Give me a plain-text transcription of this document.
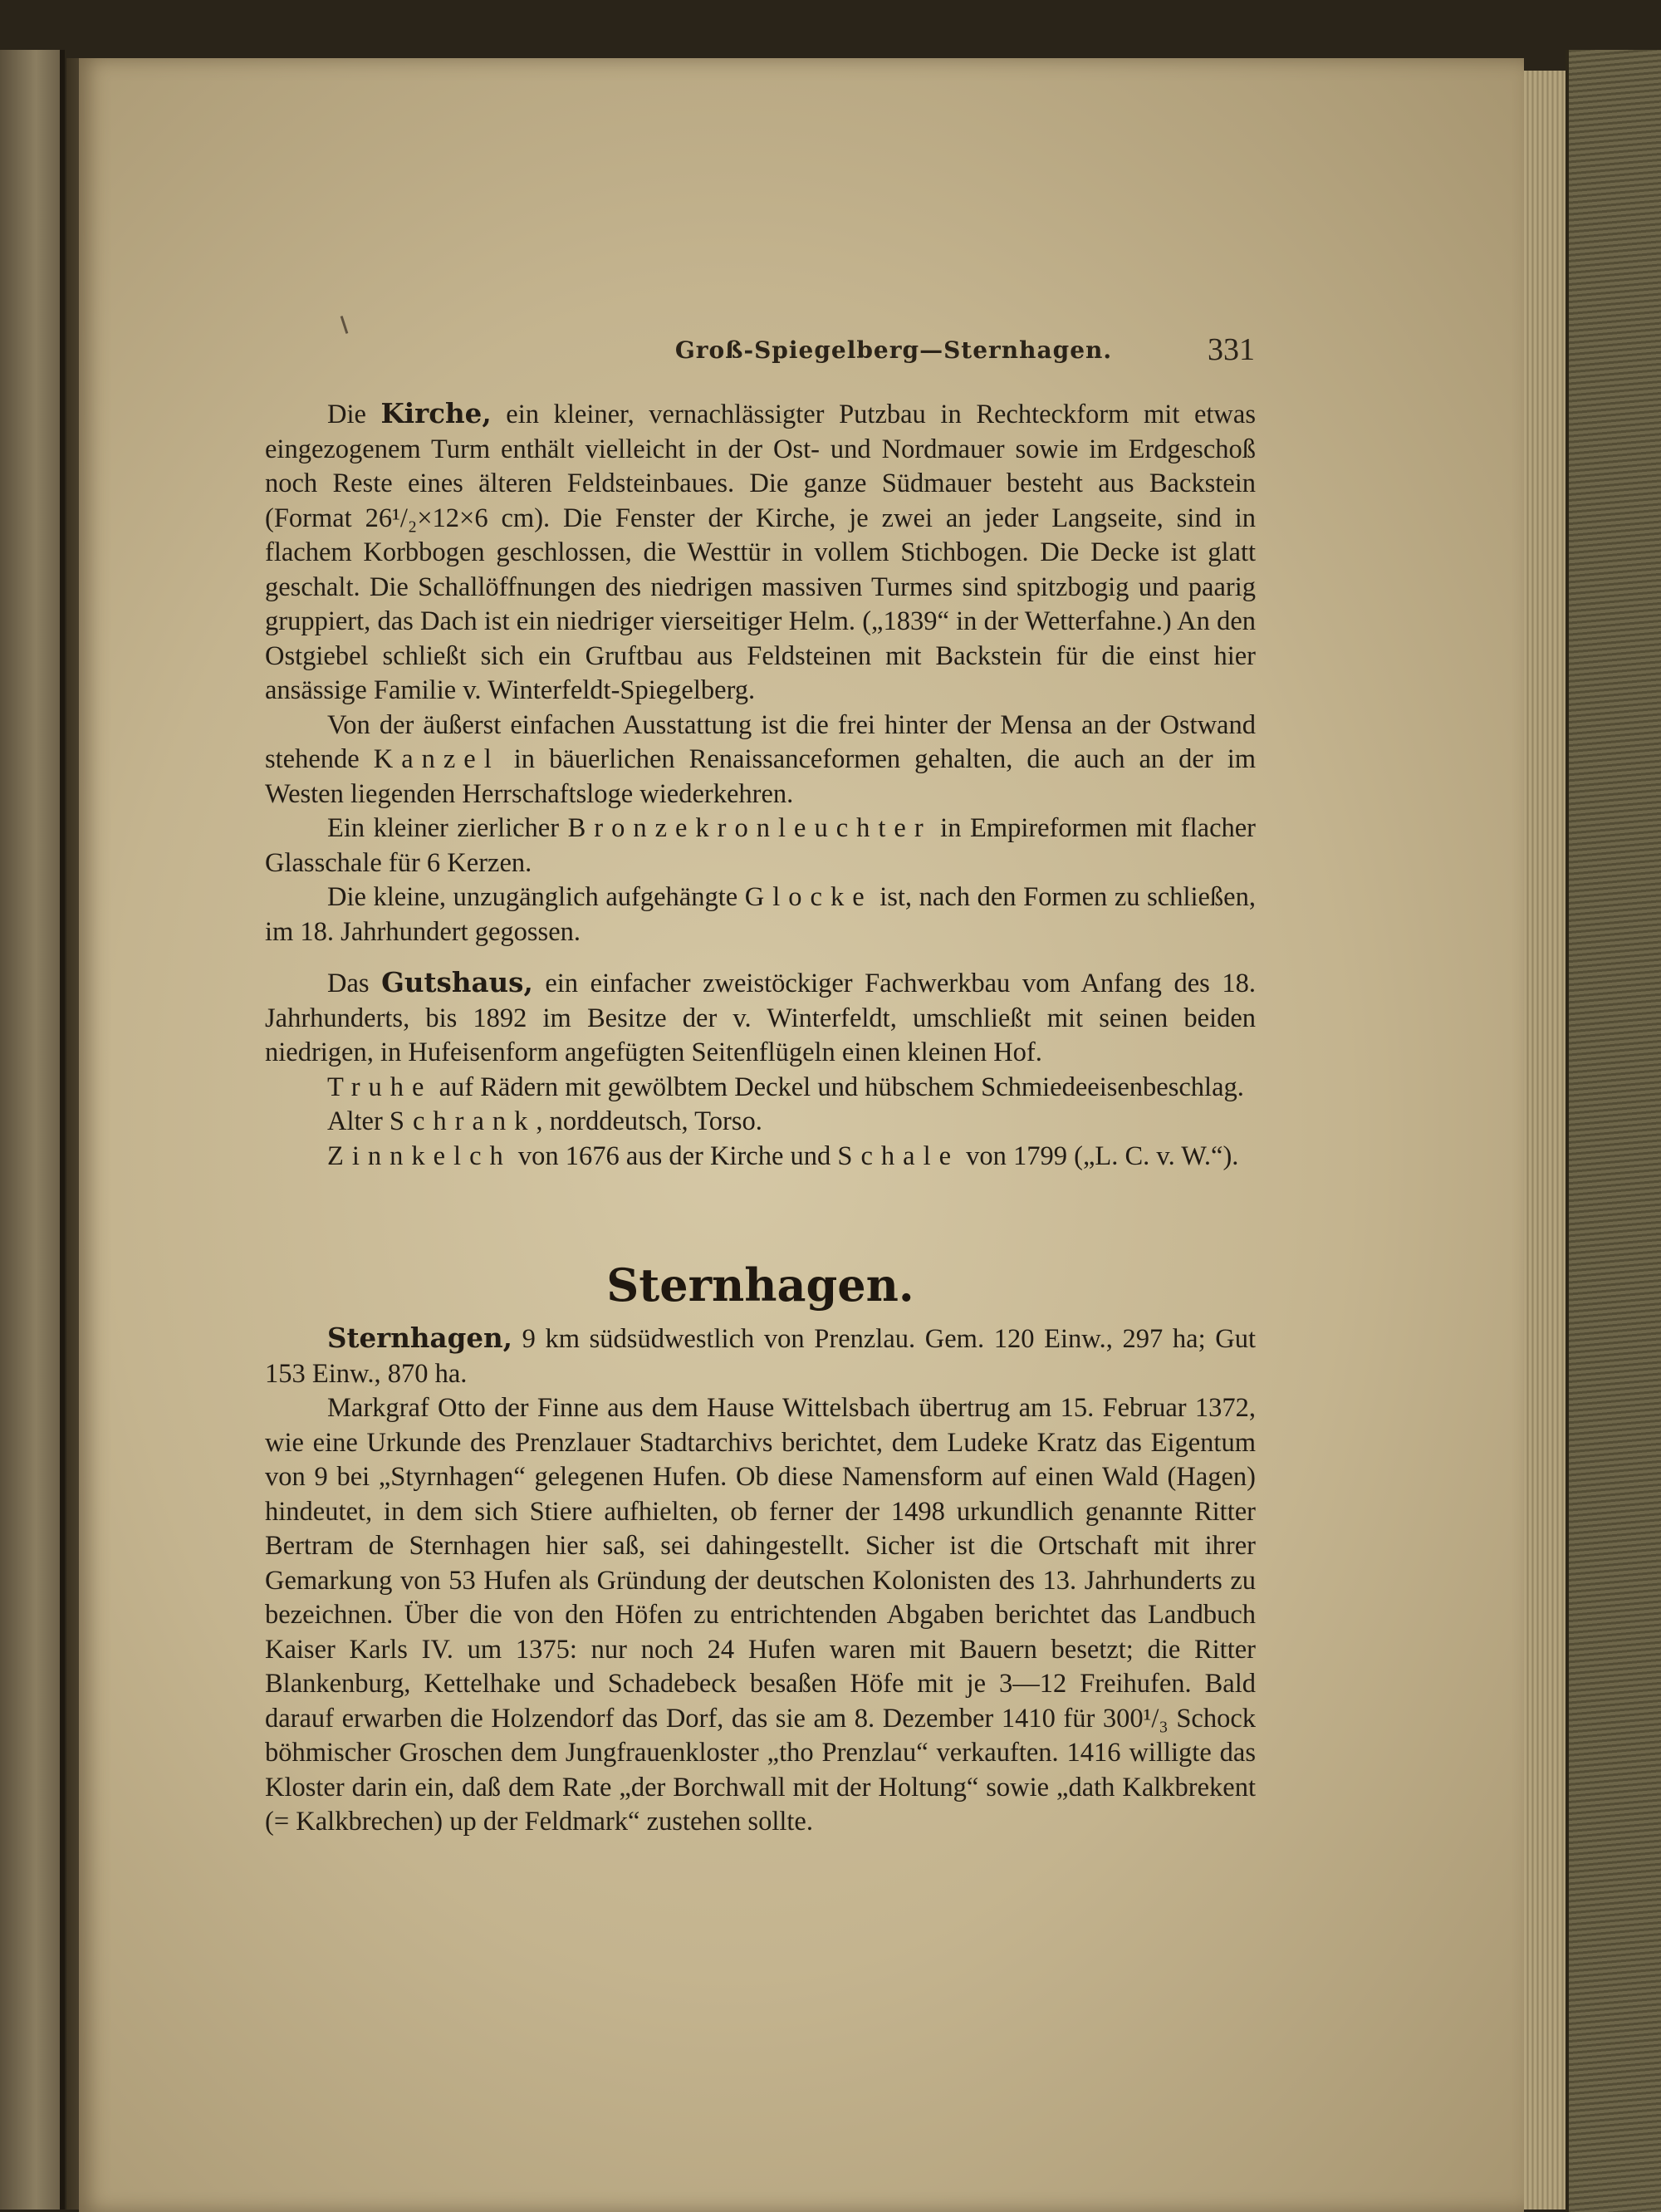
Groß-Spiegelberg—Sternhagen.	331

Die Kirche, ein kleiner, vernachlässigter Putzbau in Rechteckform mit etwas eingezogenem Turm enthält vielleicht in der Ost- und Nordmauer sowie im Erdgeschoß noch Reste eines älteren Feldsteinbaues. Die ganze Südmauer besteht aus Backstein (Format 26¹/₂×12×6 cm). Die Fenster der Kirche, je zwei an jeder Langseite, sind in flachem Korbbogen geschlossen, die Westtür in vollem Stichbogen. Die Decke ist glatt geschalt. Die Schallöffnungen des niedrigen massiven Turmes sind spitzbogig und paarig gruppiert, das Dach ist ein niedriger vierseitiger Helm. („1839“ in der Wetterfahne.) An den Ostgiebel schließt sich ein Gruftbau aus Feldsteinen mit Backstein für die einst hier ansässige Familie v. Winterfeldt-Spiegelberg.

Von der äußerst einfachen Ausstattung ist die frei hinter der Mensa an der Ostwand stehende Kanzel in bäuerlichen Renaissanceformen gehalten, die auch an der im Westen liegenden Herrschaftsloge wiederkehren.

Ein kleiner zierlicher Bronzekronleuchter in Empireformen mit flacher Glasschale für 6 Kerzen.

Die kleine, unzugänglich aufgehängte Glocke ist, nach den Formen zu schließen, im 18. Jahrhundert gegossen.

Das Gutshaus, ein einfacher zweistöckiger Fachwerkbau vom Anfang des 18. Jahrhunderts, bis 1892 im Besitze der v. Winterfeldt, umschließt mit seinen beiden niedrigen, in Hufeisenform angefügten Seitenflügeln einen kleinen Hof.

Truhe auf Rädern mit gewölbtem Deckel und hübschem Schmiedeeisenbeschlag.

Alter Schrank, norddeutsch, Torso.

Zinnkelch von 1676 aus der Kirche und Schale von 1799 („L. C. v. W.“).

Sternhagen.

Sternhagen, 9 km südsüdwestlich von Prenzlau. Gem. 120 Einw., 297 ha; Gut 153 Einw., 870 ha.

Markgraf Otto der Finne aus dem Hause Wittelsbach übertrug am 15. Februar 1372, wie eine Urkunde des Prenzlauer Stadtarchivs berichtet, dem Ludeke Kratz das Eigentum von 9 bei „Styrnhagen“ gelegenen Hufen. Ob diese Namensform auf einen Wald (Hagen) hindeutet, in dem sich Stiere aufhielten, ob ferner der 1498 urkundlich genannte Ritter Bertram de Sternhagen hier saß, sei dahingestellt. Sicher ist die Ortschaft mit ihrer Gemarkung von 53 Hufen als Gründung der deutschen Kolonisten des 13. Jahrhunderts zu bezeichnen. Über die von den Höfen zu entrichtenden Abgaben berichtet das Landbuch Kaiser Karls IV. um 1375: nur noch 24 Hufen waren mit Bauern besetzt; die Ritter Blankenburg, Kettelhake und Schadebeck besaßen Höfe mit je 3—12 Freihufen. Bald darauf erwarben die Holzendorf das Dorf, das sie am 8. Dezember 1410 für 300¹/₃ Schock böhmischer Groschen dem Jungfrauenkloster „tho Prenzlau“ verkauften. 1416 willigte das Kloster darin ein, daß dem Rate „der Borchwall mit der Holtung“ sowie „dath Kalkbrekent (= Kalkbrechen) up der Feldmark“ zustehen sollte.
